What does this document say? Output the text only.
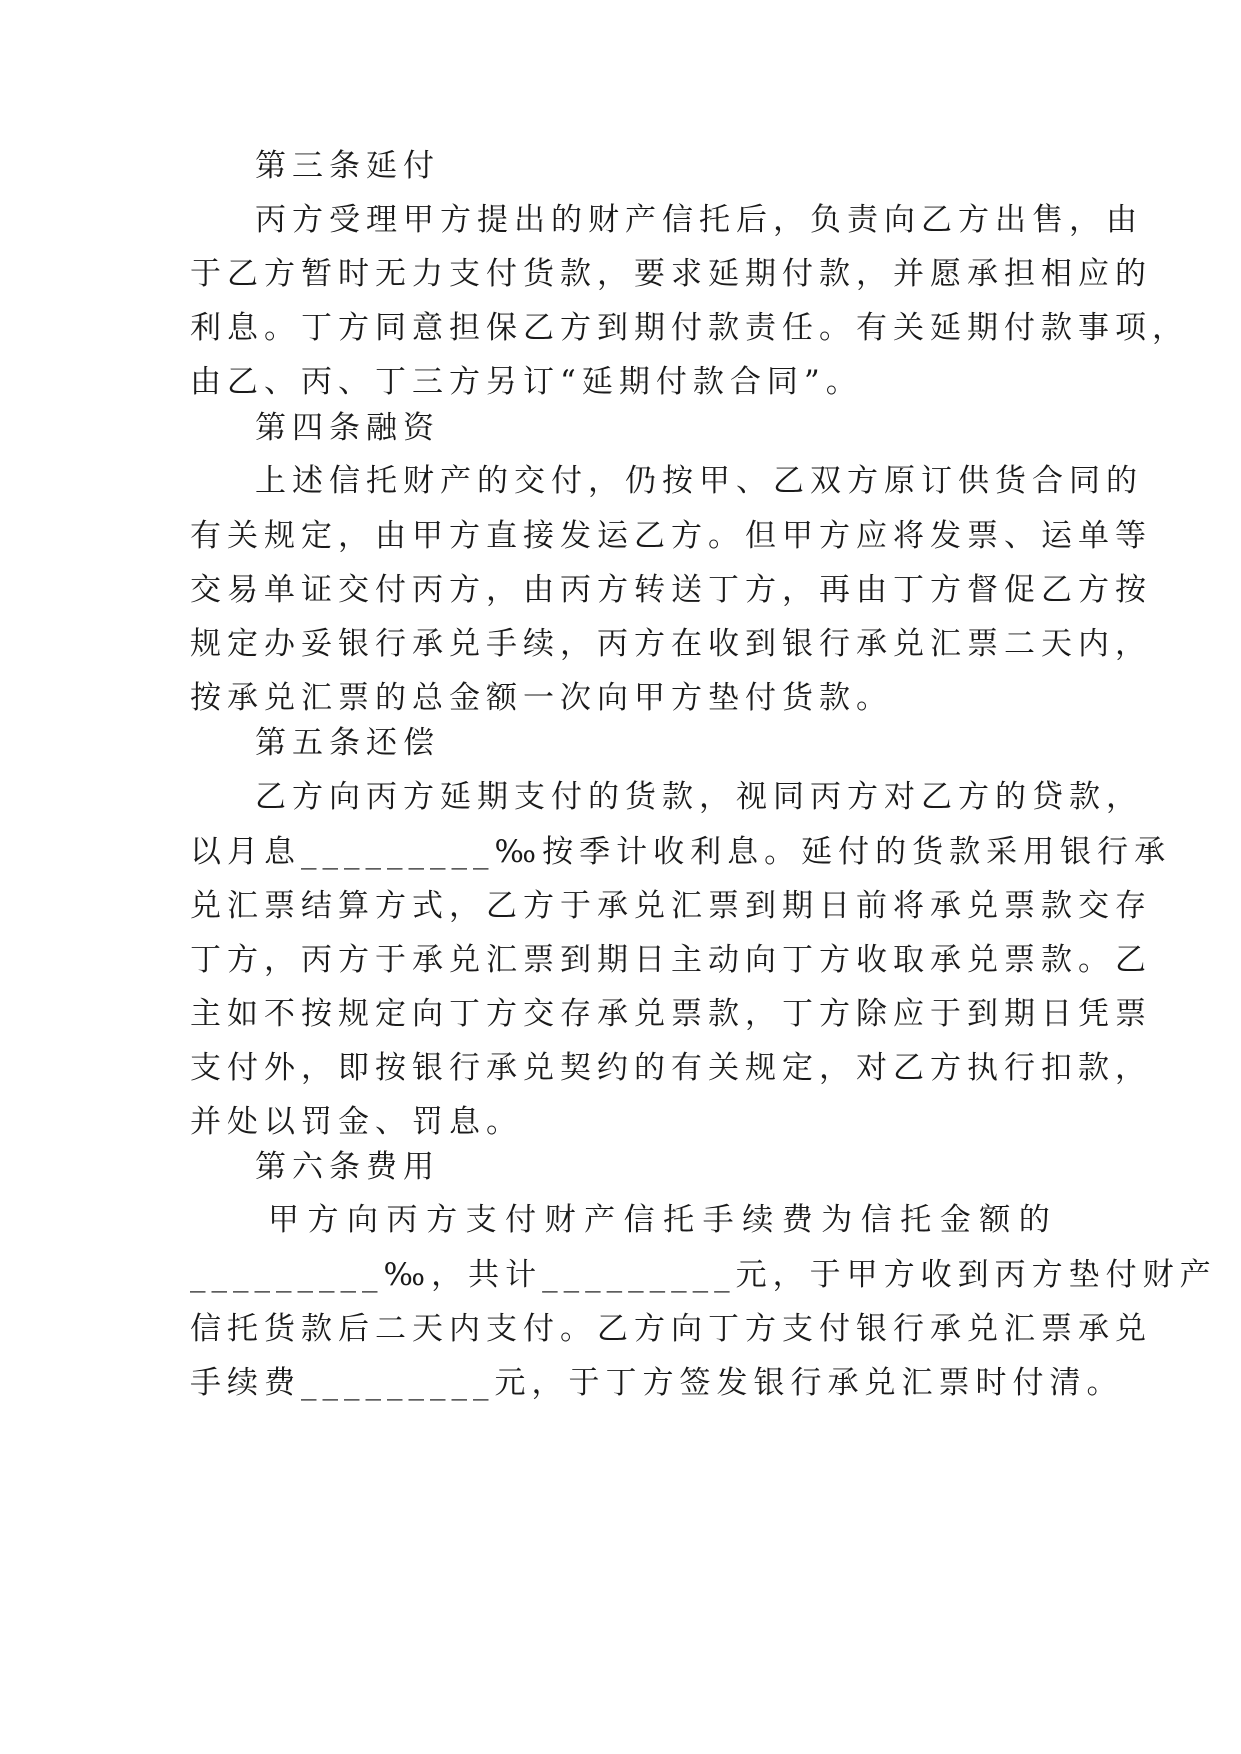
第三条延付
丙方受理甲方提出的财产信托后，负责向乙方出售，由
于乙方暂时无力支付货款，要求延期付款，并愿承担相应的
利息。丁方同意担保乙方到期付款责任。有关延期付款事项，
由乙、丙、丁三方另订“延期付款合同”。
第四条融资
上述信托财产的交付，仍按甲、乙双方原订供货合同的
有关规定，由甲方直接发运乙方。但甲方应将发票、运单等
交易单证交付丙方，由丙方转送丁方，再由丁方督促乙方按
规定办妥银行承兑手续，丙方在收到银行承兑汇票二天内，
按承兑汇票的总金额一次向甲方垫付货款。
第五条还偿
乙方向丙方延期支付的货款，视同丙方对乙方的贷款，
以月息_________‰按季计收利息。延付的货款采用银行承
兑汇票结算方式，乙方于承兑汇票到期日前将承兑票款交存
丁方，丙方于承兑汇票到期日主动向丁方收取承兑票款。乙
主如不按规定向丁方交存承兑票款，丁方除应于到期日凭票
支付外，即按银行承兑契约的有关规定，对乙方执行扣款，
并处以罚金、罚息。
第六条费用
甲 方 向 丙 方 支 付 财 产 信 托 手 续 费 为 信 托 金 额 的
_________‰，共计_________元，于甲方收到丙方垫付财产
信托货款后二天内支付。乙方向丁方支付银行承兑汇票承兑
手续费_________元，于丁方签发银行承兑汇票时付清。
